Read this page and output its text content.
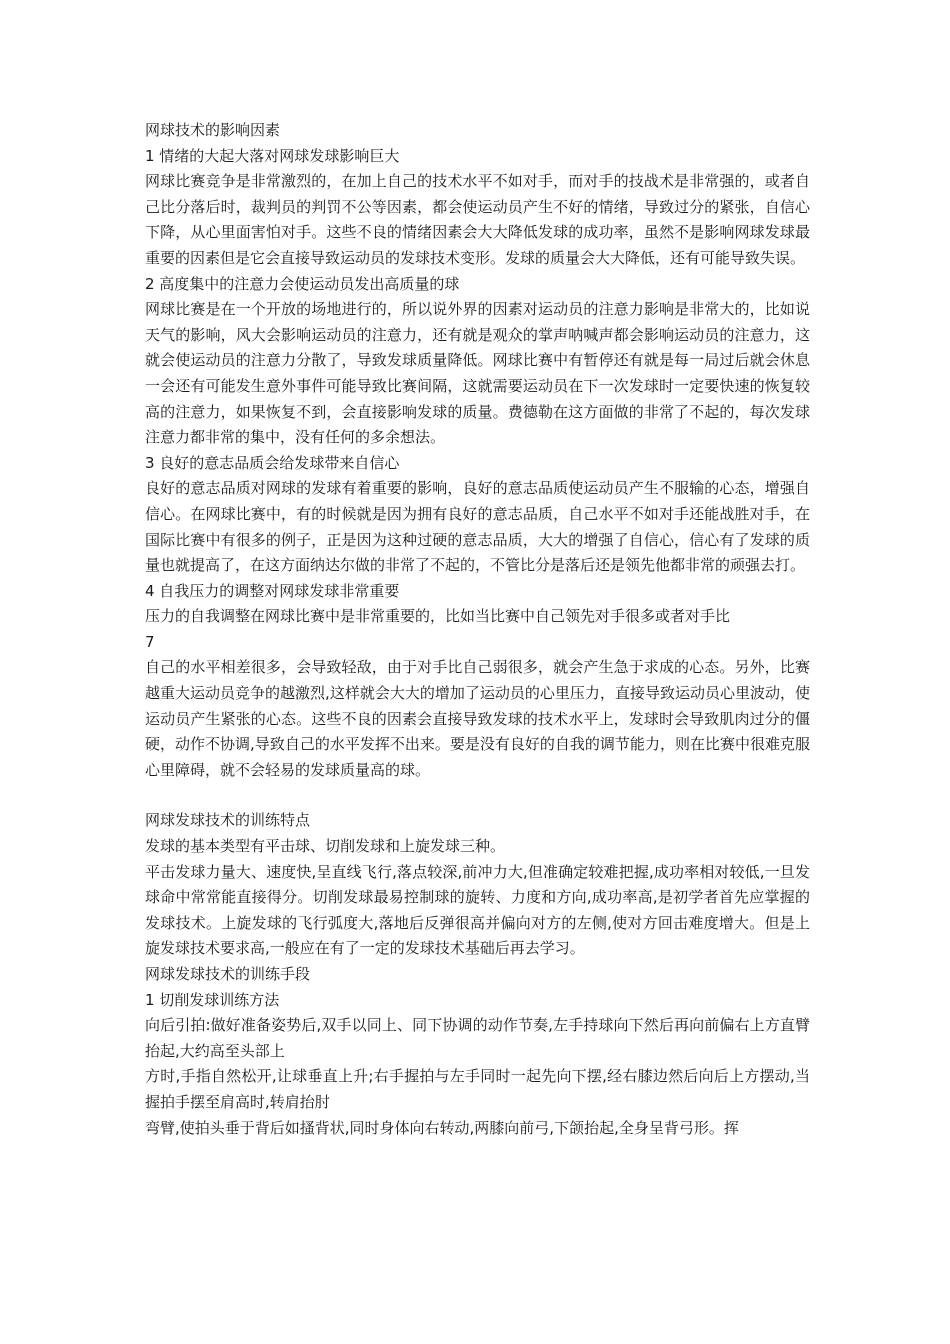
网球技术的影响因素

1 情绪的大起大落对网球发球影响巨大

网球比赛竞争是非常激烈的，在加上自己的技术水平不如对手，而对手的技战术是非常强的，或者自己比分落后时，裁判员的判罚不公等因素，都会使运动员产生不好的情绪，导致过分的紧张，自信心下降，从心里面害怕对手。这些不良的情绪因素会大大降低发球的成功率，虽然不是影响网球发球最重要的因素但是它会直接导致运动员的发球技术变形。发球的质量会大大降低，还有可能导致失误。

2 高度集中的注意力会使运动员发出高质量的球

网球比赛是在一个开放的场地进行的，所以说外界的因素对运动员的注意力影响是非常大的，比如说天气的影响，风大会影响运动员的注意力，还有就是观众的掌声呐喊声都会影响运动员的注意力，这就会使运动员的注意力分散了，导致发球质量降低。网球比赛中有暂停还有就是每一局过后就会休息一会还有可能发生意外事件可能导致比赛间隔，这就需要运动员在下一次发球时一定要快速的恢复较高的注意力，如果恢复不到，会直接影响发球的质量。费德勒在这方面做的非常了不起的，每次发球注意力都非常的集中，没有任何的多余想法。

3 良好的意志品质会给发球带来自信心

良好的意志品质对网球的发球有着重要的影响，良好的意志品质使运动员产生不服输的心态，增强自信心。在网球比赛中，有的时候就是因为拥有良好的意志品质，自己水平不如对手还能战胜对手，在国际比赛中有很多的例子，正是因为这种过硬的意志品质，大大的增强了自信心，信心有了发球的质量也就提高了，在这方面纳达尔做的非常了不起的，不管比分是落后还是领先他都非常的顽强去打。

4 自我压力的调整对网球发球非常重要

压力的自我调整在网球比赛中是非常重要的，比如当比赛中自己领先对手很多或者对手比

7

自己的水平相差很多，会导致轻敌，由于对手比自己弱很多，就会产生急于求成的心态。另外，比赛越重大运动员竞争的越激烈,这样就会大大的增加了运动员的心里压力，直接导致运动员心里波动，使运动员产生紧张的心态。这些不良的因素会直接导致发球的技术水平上，发球时会导致肌肉过分的僵硬，动作不协调,导致自己的水平发挥不出来。要是没有良好的自我的调节能力，则在比赛中很难克服心里障碍，就不会轻易的发球质量高的球。

网球发球技术的训练特点

发球的基本类型有平击球、切削发球和上旋发球三种。

平击发球力量大、速度快,呈直线飞行,落点较深,前冲力大,但准确定较难把握,成功率相对较低,一旦发球命中常常能直接得分。切削发球最易控制球的旋转、力度和方向,成功率高,是初学者首先应掌握的发球技术。上旋发球的飞行弧度大,落地后反弹很高并偏向对方的左侧,使对方回击难度增大。但是上旋发球技术要求高,一般应在有了一定的发球技术基础后再去学习。

网球发球技术的训练手段

1 切削发球训练方法

向后引拍:做好准备姿势后,双手以同上、同下协调的动作节奏,左手持球向下然后再向前偏右上方直臂抬起,大约高至头部上

方时,手指自然松开,让球垂直上升;右手握拍与左手同时一起先向下摆,经右膝边然后向后上方摆动,当握拍手摆至肩高时,转肩抬肘

弯臂,使拍头垂于背后如搔背状,同时身体向右转动,两膝向前弓,下颌抬起,全身呈背弓形。挥
